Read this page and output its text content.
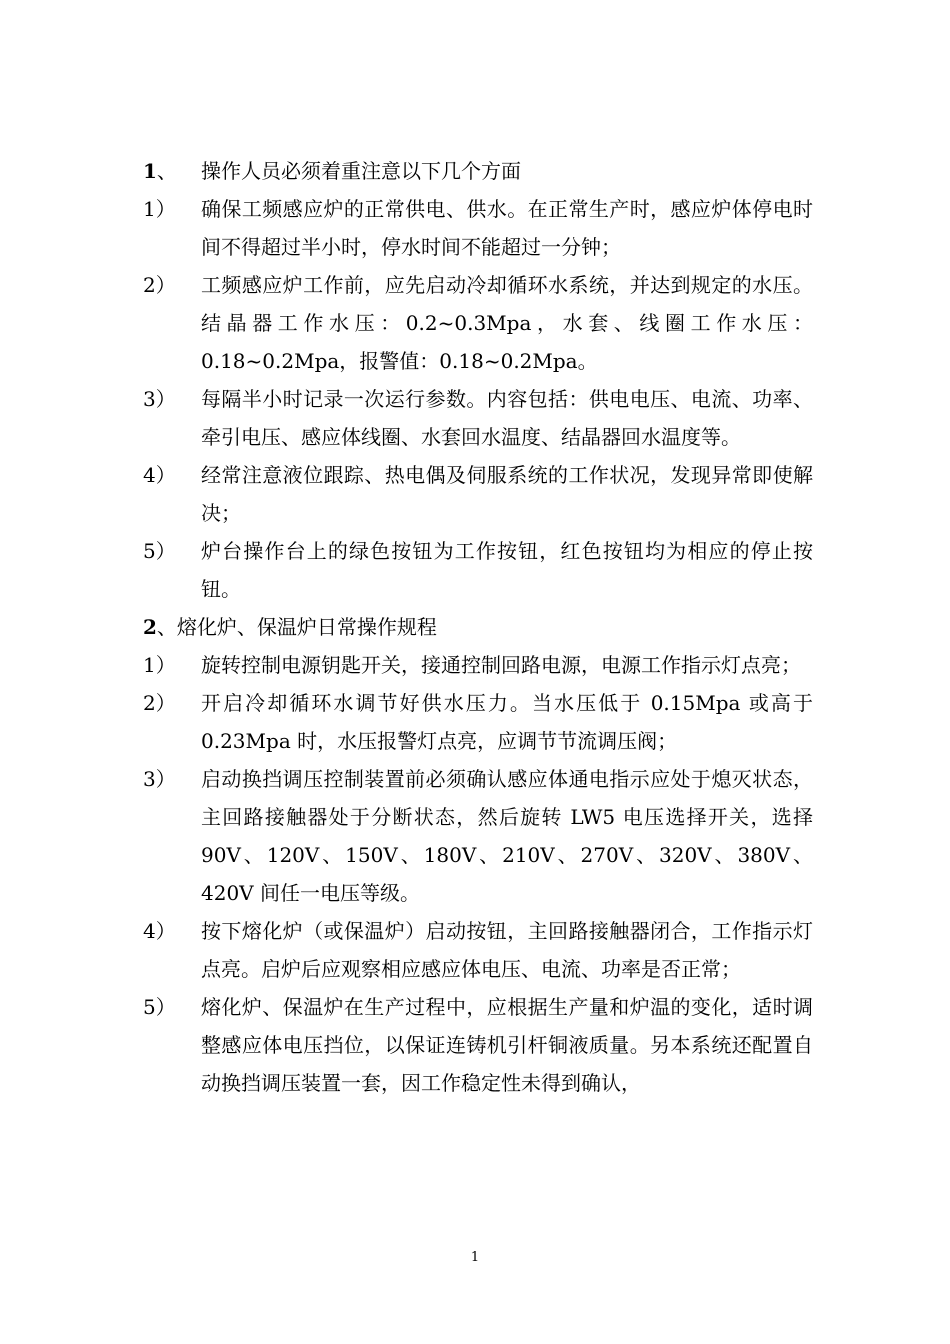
1、	操作人员必须着重注意以下几个方面
1）	确保工频感应炉的正常供电、供水。在正常生产时，感应炉体停电时间不得超过半小时，停水时间不能超过一分钟；
2）	工频感应炉工作前，应先启动冷却循环水系统，并达到规定的水压。结晶器工作水压：0.2~0.3Mpa，水套、线圈工作水压：0.18~0.2Mpa，报警值：0.18~0.2Mpa。
3）	每隔半小时记录一次运行参数。内容包括：供电电压、电流、功率、牵引电压、感应体线圈、水套回水温度、结晶器回水温度等。
4）	经常注意液位跟踪、热电偶及伺服系统的工作状况，发现异常即使解决；
5）	炉台操作台上的绿色按钮为工作按钮，红色按钮均为相应的停止按钮。
2、熔化炉、保温炉日常操作规程
1）	旋转控制电源钥匙开关，接通控制回路电源，电源工作指示灯点亮；
2）	开启冷却循环水调节好供水压力。当水压低于 0.15Mpa 或高于 0.23Mpa 时，水压报警灯点亮，应调节节流调压阀；
3）	启动换挡调压控制装置前必须确认感应体通电指示应处于熄灭状态，主回路接触器处于分断状态，然后旋转 LW5 电压选择开关，选择 90V、120V、150V、180V、210V、270V、320V、380V、420V 间任一电压等级。
4）	按下熔化炉（或保温炉）启动按钮，主回路接触器闭合，工作指示灯点亮。启炉后应观察相应感应体电压、电流、功率是否正常；
5）	熔化炉、保温炉在生产过程中，应根据生产量和炉温的变化，适时调整感应体电压挡位，以保证连铸机引杆铜液质量。另本系统还配置自动换挡调压装置一套，因工作稳定性未得到确认，
1
